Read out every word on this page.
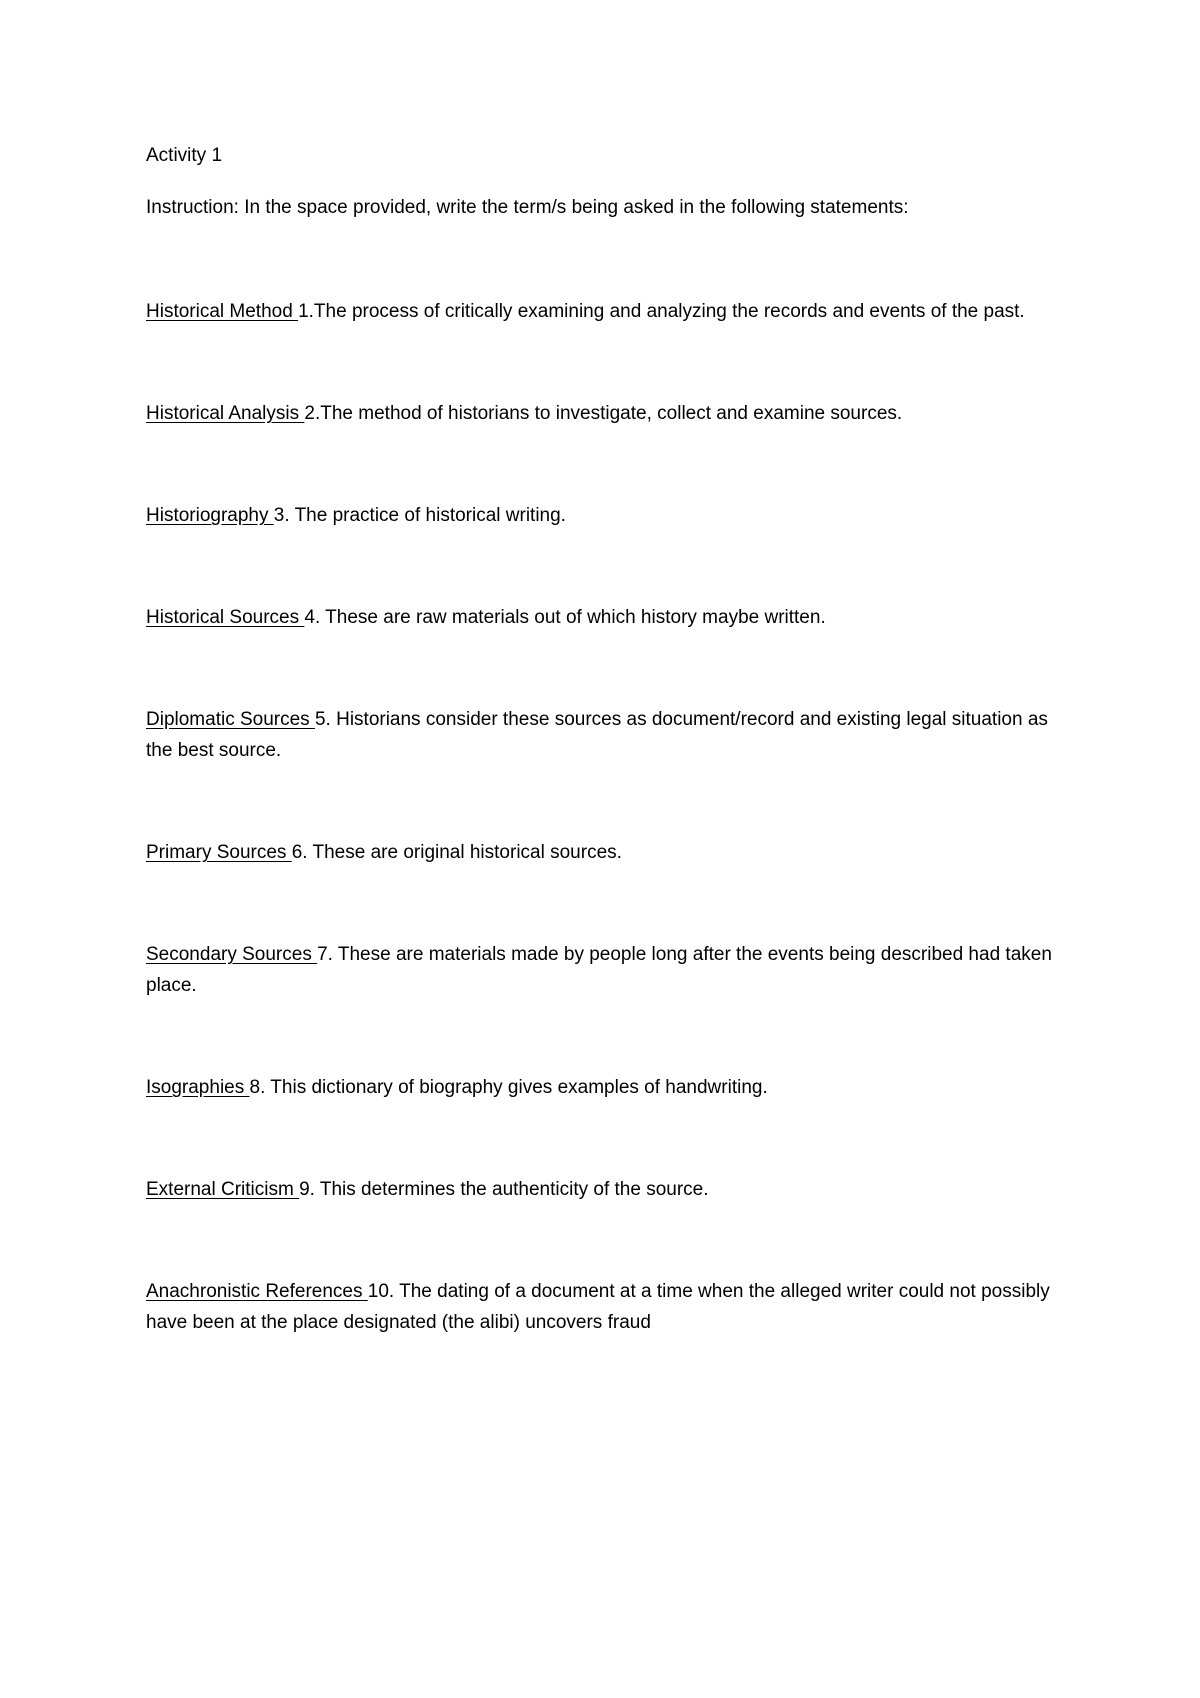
Activity 1

Instruction: In the space provided, write the term/s being asked in the following statements:

Historical Method 1.The process of critically examining and analyzing the records and events of the past.
Historical Analysis 2.The method of historians to investigate, collect and examine sources.
Historiography 3. The practice of historical writing.
Historical Sources 4. These are raw materials out of which history maybe written.
Diplomatic Sources 5. Historians consider these sources as document/record and existing legal situation as the best source.
Primary Sources 6. These are original historical sources.
Secondary Sources 7. These are materials made by people long after the events being described had taken place.
Isographies 8. This dictionary of biography gives examples of handwriting.
External Criticism 9. This determines the authenticity of the source.
Anachronistic References 10. The dating of a document at a time when the alleged writer could not possibly have been at the place designated (the alibi) uncovers fraud
